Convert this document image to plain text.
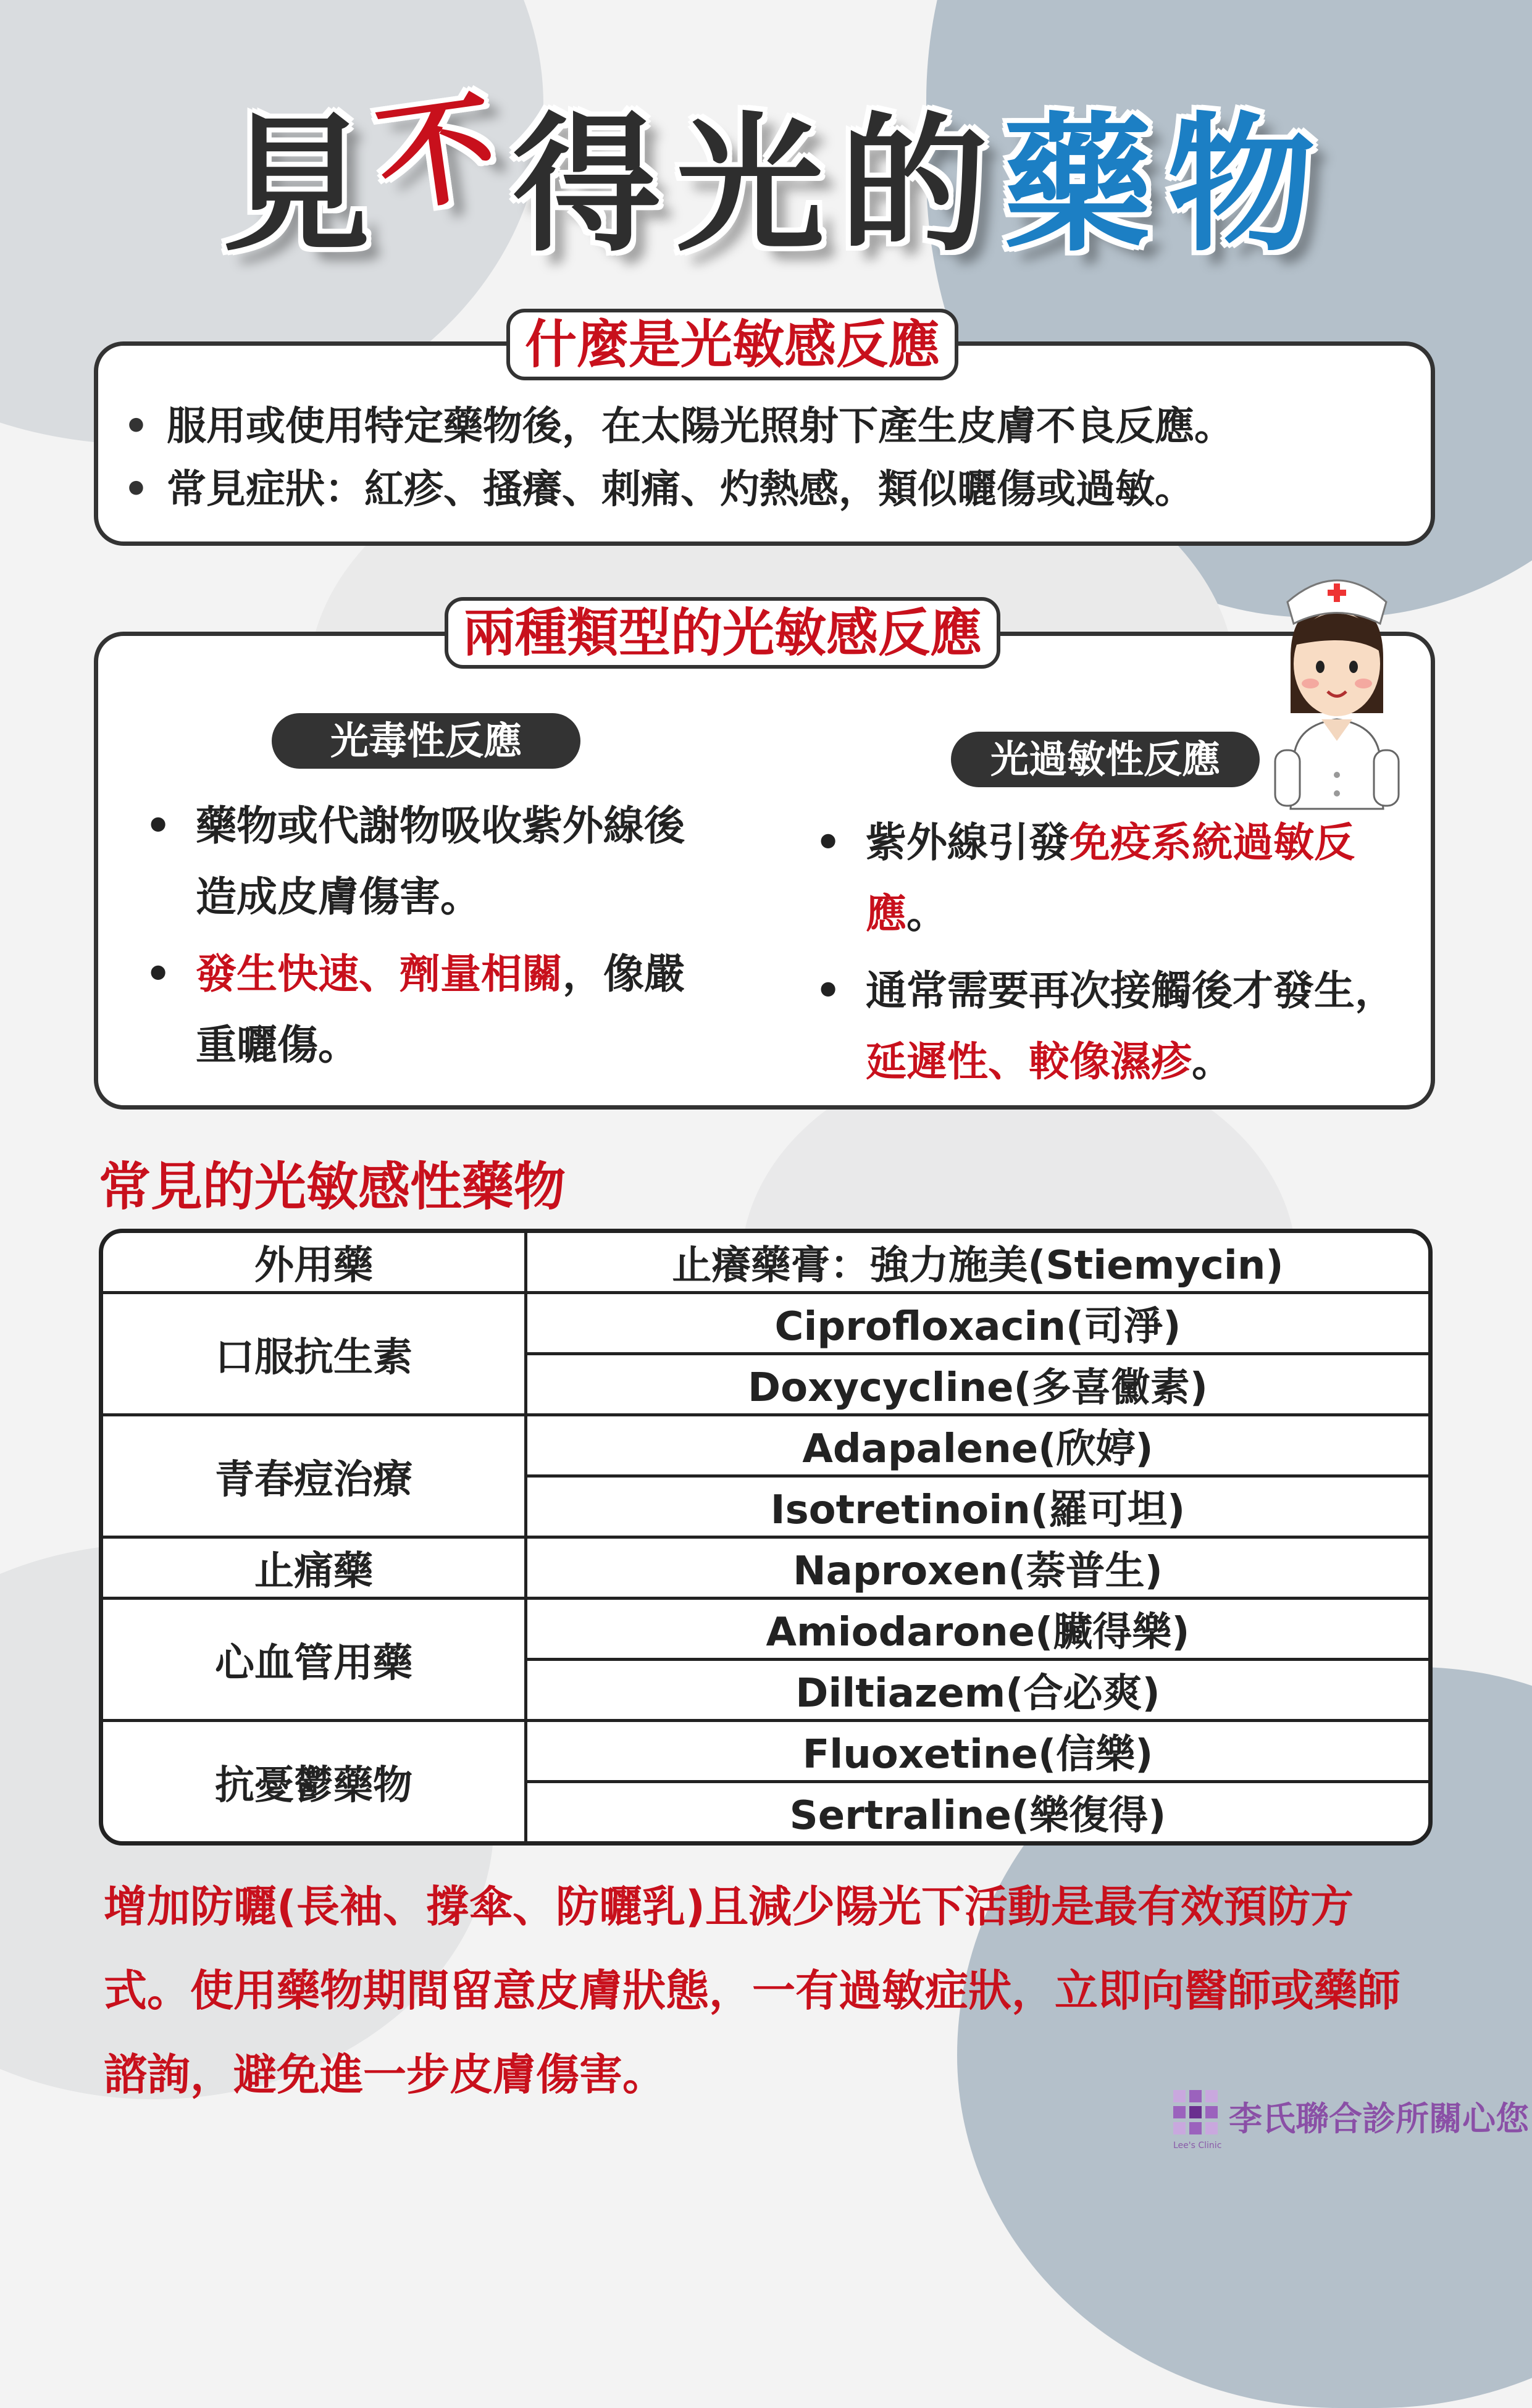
見
不 得 光 的 藥 物
什麼是光敏感反應
• 服用或使用特定藥物後，在太陽光照射下產生皮膚不良反應。
• 常見症狀：紅疹、搔癢、刺痛、灼熱感，類似曬傷或過敏。
兩種類型的光敏感反應
光毒性反應
• 藥物或代謝物吸收紫外線後造成皮膚傷害。
• 發生快速、劑量相關，像嚴重曬傷。
光過敏性反應
• 紫外線引發免疫系統過敏反應。
• 通常需要再次接觸後才發生，延遲性、較像濕疹。
常見的光敏感性藥物
外用藥	止癢藥膏：強力施美(Stiemycin)
口服抗生素	Ciprofloxacin(司淨)
	Doxycycline(多喜黴素)
青春痘治療	Adapalene(欣婷)
	Isotretinoin(羅可坦)
止痛藥	Naproxen(萘普生)
心血管用藥	Amiodarone(臟得樂)
	Diltiazem(合必爽)
抗憂鬱藥物	Fluoxetine(信樂)
	Sertraline(樂復得)
增加防曬(長袖、撐傘、防曬乳)且減少陽光下活動是最有效預防方式。使用藥物期間留意皮膚狀態，一有過敏症狀，立即向醫師或藥師諮詢，避免進一步皮膚傷害。
Lee's Clinic
李氏聯合診所關心您
